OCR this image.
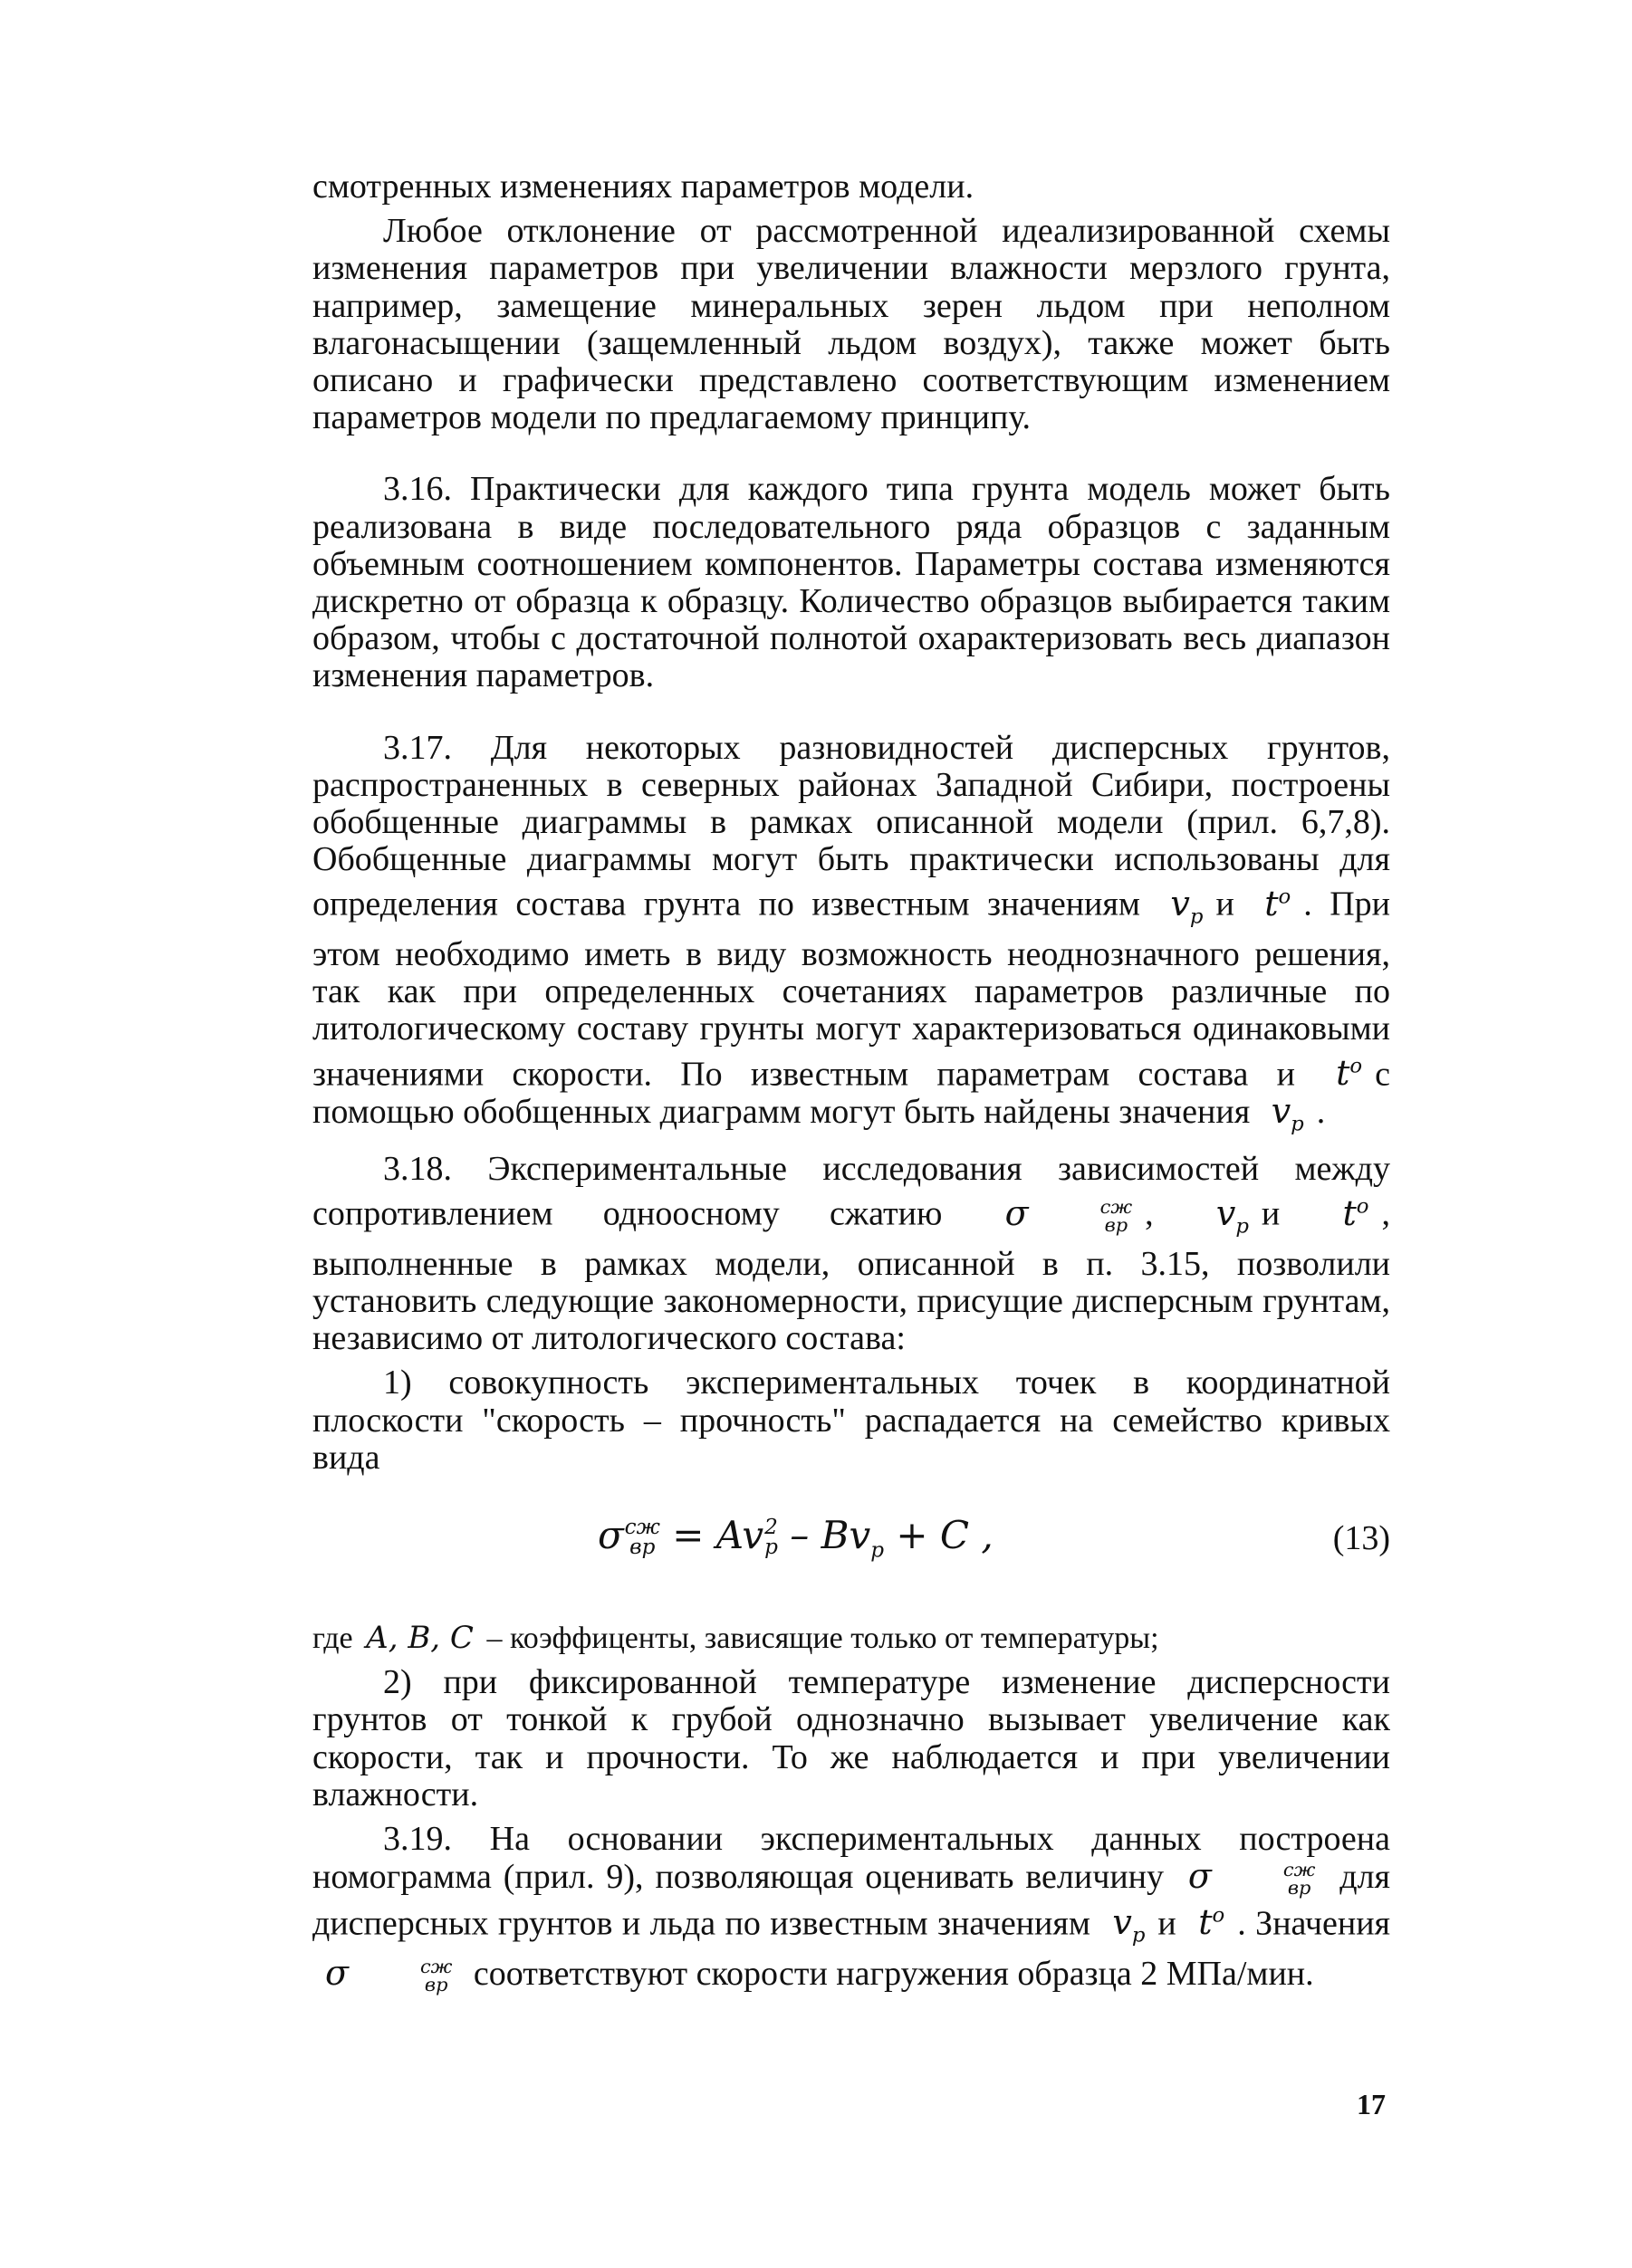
смотренных изменениях параметров модели.

Любое отклонение от рассмотренной идеализированной схемы изменения параметров при увеличении влажности мерзлого грунта, например, замещение минеральных зерен льдом при неполном влагонасыщении (защемленный льдом воздух), также может быть описано и графически представлено соответствующим изменением параметров модели по предлагаемому принципу.

3.16. Практически для каждого типа грунта модель может быть реализована в виде последовательного ряда образцов с заданным объемным соотношением компонентов. Параметры состава изменяются дискретно от образца к образцу. Количество образцов выбирается таким образом, чтобы с достаточной полнотой охарактеризовать весь диапазон изменения параметров.

3.17. Для некоторых разновидностей дисперсных грунтов, распространенных в северных районах Западной Сибири, построены обобщенные диаграммы в рамках описанной модели (прил. 6,7,8). Обобщенные диаграммы могут быть практически использованы для определения состава грунта по известным значениям $v_p$ и $t^o$ . При этом необходимо иметь в виду возможность неоднозначного решения, так как при определенных сочетаниях параметров различные по литологическому составу грунты могут характеризоваться одинаковыми значениями скорости. По известным параметрам состава и $t^o$ с помощью обобщенных диаграмм могут быть найдены значения $v_p$ .

3.18. Экспериментальные исследования зависимостей между сопротивлением одноосному сжатию σ	сж
вр , $v_p$ и $t^o$ , выполненные в рамках модели, описанной в п. 3.15, позволили установить следующие закономерности, присущие дисперсным грунтам, независимо от литологического состава:

1) совокупность экспериментальных точек в координатной плоскости "скорость – прочность" распадается на семейство кривых вида

σ сж
вр = Av 2
$p - Bv_p + C$ ,	(13)

где A, B, C – коэффиценты, зависящие только от температуры;

2) при фиксированной температуре изменение дисперсности грунтов от тонкой к грубой однозначно вызывает увеличение как скорости, так и прочности. То же наблюдается и при увеличении влажности.

3.19. На основании экспериментальных данных построена номограмма (прил. 9), позволяющая оценивать величину σ	сж
вр для дисперсных грунтов и льда по известным значениям $v_p$ и $t^o$ . Значения σ	сж
вр соответствуют скорости нагружения образца 2 МПа/мин.

17
